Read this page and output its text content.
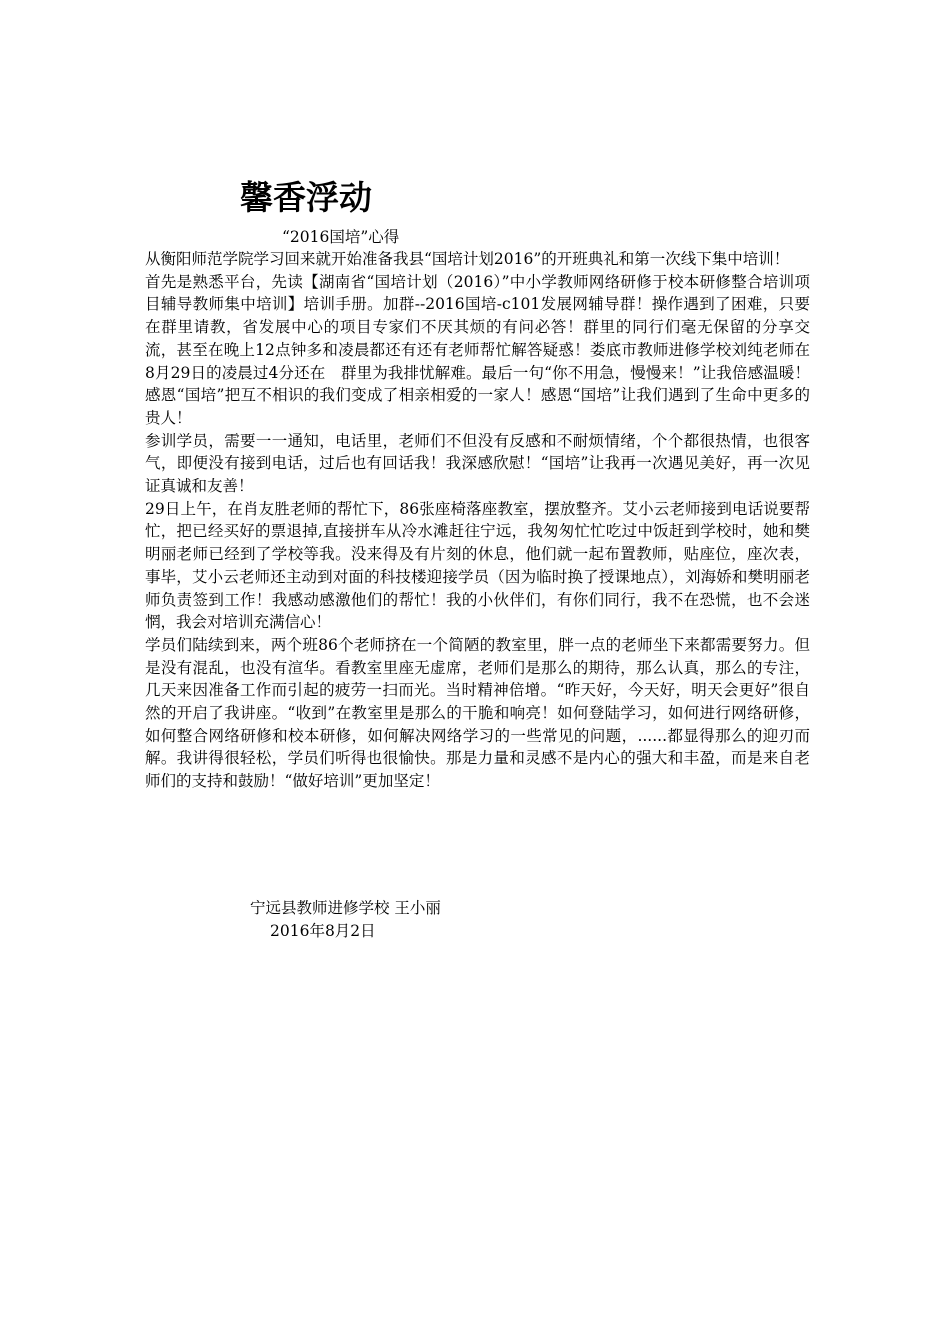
馨香浮动
“2016国培”心得

从衡阳师范学院学习回来就开始准备我县“国培计划2016”的开班典礼和第一次线下集中培训！

首先是熟悉平台，先读【湖南省“国培计划（2016）”中小学教师网络研修于校本研修整合培训项目辅导教师集中培训】培训手册。加群--2016国培-c101发展网辅导群！操作遇到了困难，只要在群里请教，省发展中心的项目专家们不厌其烦的有问必答！群里的同行们毫无保留的分享交流，甚至在晚上12点钟多和凌晨都还有还有老师帮忙解答疑惑！娄底市教师进修学校刘纯老师在8月29日的凌晨过4分还在　群里为我排忧解难。最后一句“你不用急，慢慢来！”让我倍感温暖！感恩“国培”把互不相识的我们变成了相亲相爱的一家人！感恩“国培”让我们遇到了生命中更多的贵人！

参训学员，需要一一通知，电话里，老师们不但没有反感和不耐烦情绪，个个都很热情，也很客气，即便没有接到电话，过后也有回话我！我深感欣慰！“国培”让我再一次遇见美好，再一次见证真诚和友善！

29日上午，在肖友胜老师的帮忙下，86张座椅落座教室，摆放整齐。艾小云老师接到电话说要帮忙，把已经买好的票退掉,直接拼车从冷水滩赶往宁远，我匆匆忙忙吃过中饭赶到学校时，她和樊明丽老师已经到了学校等我。没来得及有片刻的休息，他们就一起布置教师，贴座位，座次表，事毕，艾小云老师还主动到对面的科技楼迎接学员（因为临时换了授课地点），刘海娇和樊明丽老师负责签到工作！我感动感激他们的帮忙！我的小伙伴们，有你们同行，我不在恐慌，也不会迷惘，我会对培训充满信心！

学员们陆续到来，两个班86个老师挤在一个简陋的教室里，胖一点的老师坐下来都需要努力。但是没有混乱，也没有渲华。看教室里座无虚席，老师们是那么的期待，那么认真，那么的专注，几天来因准备工作而引起的疲劳一扫而光。当时精神倍增。“昨天好，今天好，明天会更好”很自然的开启了我讲座。“收到”在教室里是那么的干脆和响亮！如何登陆学习，如何进行网络研修，如何整合网络研修和校本研修，如何解决网络学习的一些常见的问题，......都显得那么的迎刃而解。我讲得很轻松，学员们听得也很愉快。那是力量和灵感不是内心的强大和丰盈，而是来自老师们的支持和鼓励！“做好培训”更加坚定！

宁远县教师进修学校 王小丽
2016年8月2日
